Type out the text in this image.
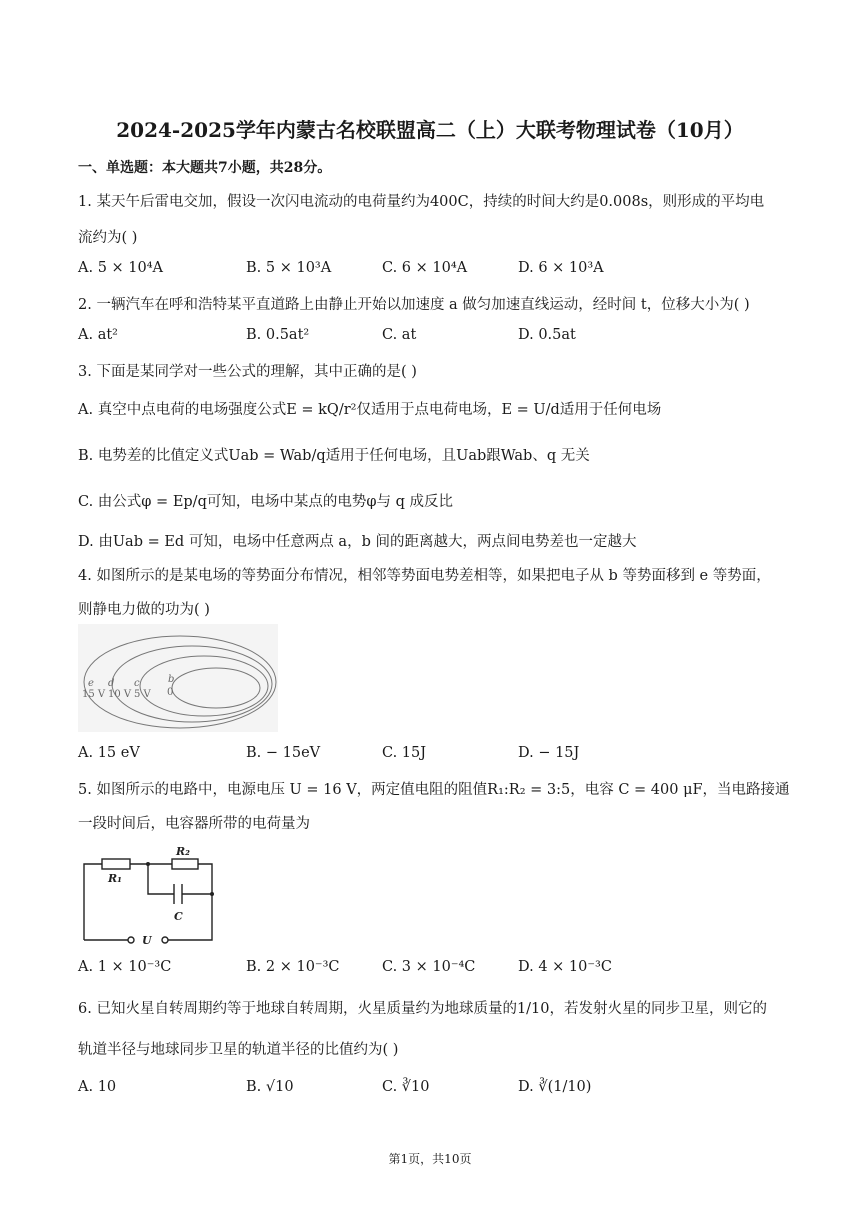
2024-2025学年内蒙古名校联盟高二（上）大联考物理试卷（10月）
一、单选题：本大题共7小题，共28分。
1. 某天午后雷电交加，假设一次闪电流动的电荷量约为400C，持续的时间大约是0.008s，则形成的平均电
流约为( )
A. 5 × 10⁴A	B. 5 × 10³A	C. 6 × 10⁴A	D. 6 × 10³A
2. 一辆汽车在呼和浩特某平直道路上由静止开始以加速度 a 做匀加速直线运动，经时间 t，位移大小为( )
A. at²	B. 0.5at²	C. at	D. 0.5at
3. 下面是某同学对一些公式的理解，其中正确的是( )
A. 真空中点电荷的电场强度公式E = kQ/r²仅适用于点电荷电场，E = U/d适用于任何电场
B. 电势差的比值定义式Uab = Wab/q适用于任何电场，且Uab跟Wab、q 无关
C. 由公式φ = Ep/q可知，电场中某点的电势φ与 q 成反比
D. 由Uab = Ed 可知，电场中任意两点 a，b 间的距离越大，两点间电势差也一定越大
4. 如图所示的是某电场的等势面分布情况，相邻等势面电势差相等，如果把电子从 b 等势面移到 e 等势面，
则静电力做的功为( )
e d c	b
15 V 10 V 5 V 0
A. 15 eV	B. − 15eV	C. 15J	D. − 15J
5. 如图所示的电路中，电源电压 U = 16 V，两定值电阻的阻值R₁:R₂ = 3:5，电容 C = 400 μF，当电路接通
一段时间后，电容器所带的电荷量为
R₁
R₂
C
U
A. 1 × 10⁻³C	B. 2 × 10⁻³C	C. 3 × 10⁻⁴C	D. 4 × 10⁻³C
6. 已知火星自转周期约等于地球自转周期，火星质量约为地球质量的1/10，若发射火星的同步卫星，则它的
轨道半径与地球同步卫星的轨道半径的比值约为( )
A. 10	B. √10	C. ∛10	D. ∛(1/10)
第1页，共10页
